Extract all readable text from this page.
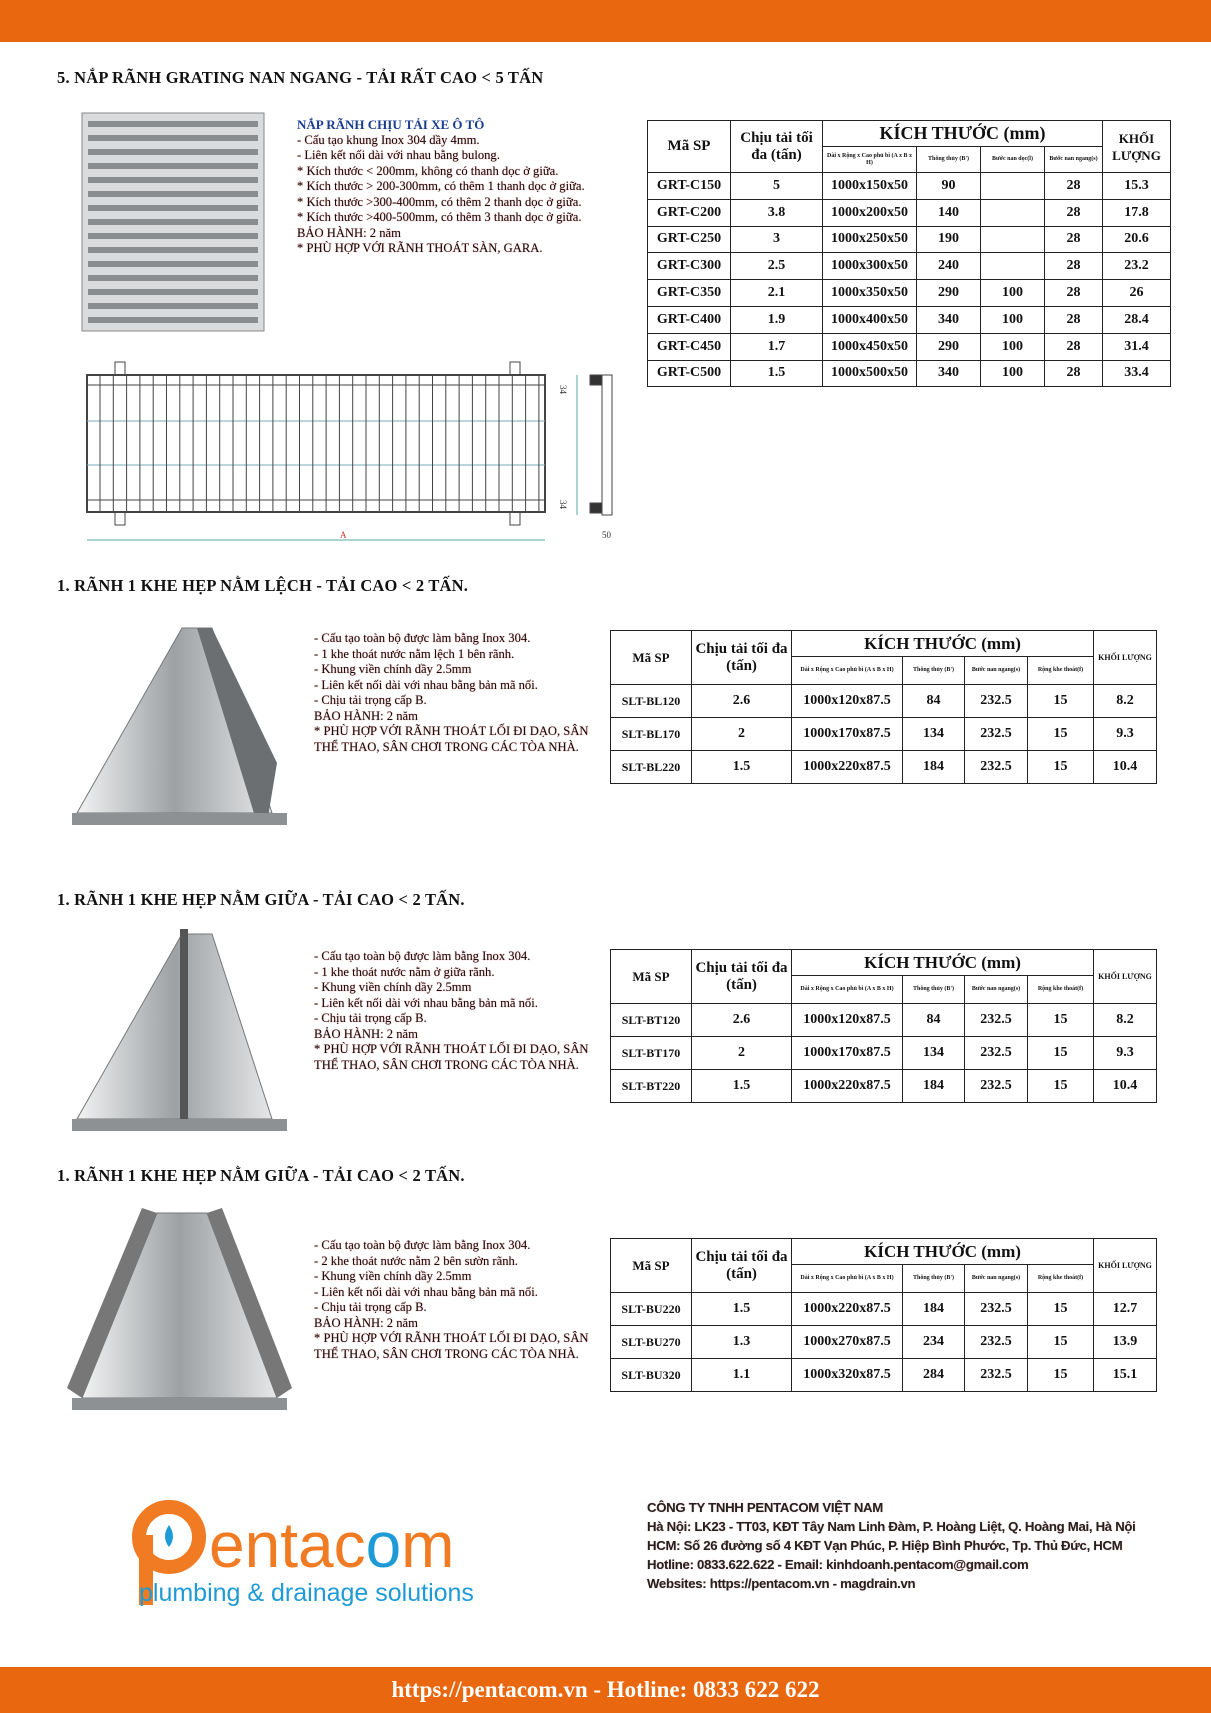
5. NẮP RÃNH GRATING NAN NGANG - TẢI RẤT CAO < 5 TẤN
NẮP RÃNH CHỊU TẢI XE Ô TÔ
- Cấu tạo khung Inox 304 dầy 4mm.
- Liên kết nối dài với nhau bằng bulong.
* Kích thước < 200mm, không có thanh dọc ở giữa.
* Kích thước > 200-300mm, có thêm 1 thanh dọc ở giữa.
* Kích thước >300-400mm, có thêm 2 thanh dọc ở giữa.
* Kích thước >400-500mm, có thêm 3 thanh dọc ở giữa.
BẢO HÀNH: 2 năm
* PHÙ HỢP VỚI RÃNH THOÁT SÀN, GARA.
Mã SP	Chịu tải tối đa (tấn)	KÍCH THƯỚC (mm)				KHỐI LƯỢNG
		Dài x Rộng x Cao phủ bì (A x B x H)	Thông thủy (B')	Bước nan dọc(l)	Bước nan ngang(s)	
GRT-C150	5	1000x150x50	90		28	15.3
GRT-C200	3.8	1000x200x50	140		28	17.8
GRT-C250	3	1000x250x50	190		28	20.6
GRT-C300	2.5	1000x300x50	240		28	23.2
GRT-C350	2.1	1000x350x50	290	100	28	26
GRT-C400	1.9	1000x400x50	340	100	28	28.4
GRT-C450	1.7	1000x450x50	290	100	28	31.4
GRT-C500	1.5	1000x500x50	340	100	28	33.4
A
34
34
50
1. RÃNH 1 KHE HẸP NẰM LỆCH - TẢI CAO < 2 TẤN.
- Cấu tạo toàn bộ được làm bằng Inox 304.
- 1 khe thoát nước nằm lệch 1 bên rãnh.
- Khung viền chính dầy 2.5mm
- Liên kết nối dài với nhau bằng bản mã nối.
- Chịu tải trọng cấp B.
BẢO HÀNH: 2 năm
* PHÙ HỢP VỚI RÃNH THOÁT LỐI ĐI DẠO, SÂN THỂ THAO, SÂN CHƠI TRONG CÁC TÒA NHÀ.
Mã SP	Chịu tải tối đa (tấn)	KÍCH THƯỚC (mm)				KHỐI LƯỢNG
		Dài x Rộng x Cao phủ bì (A x B x H)	Thông thủy (B')	Bước nan ngang(s)	Rộng khe thoát(f)	
SLT-BL120	2.6	1000x120x87.5	84	232.5	15	8.2
SLT-BL170	2	1000x170x87.5	134	232.5	15	9.3
SLT-BL220	1.5	1000x220x87.5	184	232.5	15	10.4
1. RÃNH 1 KHE HẸP NẰM GIỮA - TẢI CAO < 2 TẤN.
- Cấu tạo toàn bộ được làm bằng Inox 304.
- 1 khe thoát nước nằm ở giữa rãnh.
- Khung viền chính dầy 2.5mm
- Liên kết nối dài với nhau bằng bản mã nối.
- Chịu tải trọng cấp B.
BẢO HÀNH: 2 năm
* PHÙ HỢP VỚI RÃNH THOÁT LỐI ĐI DẠO, SÂN THỂ THAO, SÂN CHƠI TRONG CÁC TÒA NHÀ.
Mã SP	Chịu tải tối đa (tấn)	KÍCH THƯỚC (mm)				KHỐI LƯỢNG
		Dài x Rộng x Cao phủ bì (A x B x H)	Thông thủy (B')	Bước nan ngang(s)	Rộng khe thoát(f)	
SLT-BT120	2.6	1000x120x87.5	84	232.5	15	8.2
SLT-BT170	2	1000x170x87.5	134	232.5	15	9.3
SLT-BT220	1.5	1000x220x87.5	184	232.5	15	10.4
1. RÃNH 1 KHE HẸP NẰM GIỮA - TẢI CAO < 2 TẤN.
- Cấu tạo toàn bộ được làm bằng Inox 304.
- 2 khe thoát nước nằm 2 bên sườn rãnh.
- Khung viền chính dầy 2.5mm
- Liên kết nối dài với nhau bằng bản mã nối.
- Chịu tải trọng cấp B.
BẢO HÀNH: 2 năm
* PHÙ HỢP VỚI RÃNH THOÁT LỐI ĐI DẠO, SÂN THỂ THAO, SÂN CHƠI TRONG CÁC TÒA NHÀ.
Mã SP	Chịu tải tối đa (tấn)	KÍCH THƯỚC (mm)				KHỐI LƯỢNG
		Dài x Rộng x Cao phủ bì (A x B x H)	Thông thủy (B')	Bước nan ngang(s)	Rộng khe thoát(f)	
SLT-BU220	1.5	1000x220x87.5	184	232.5	15	12.7
SLT-BU270	1.3	1000x270x87.5	234	232.5	15	13.9
SLT-BU320	1.1	1000x320x87.5	284	232.5	15	15.1
entacom
plumbing & drainage solutions
CÔNG TY TNHH PENTACOM VIỆT NAM
Hà Nội: LK23 - TT03, KĐT Tây Nam Linh Đàm, P. Hoàng Liệt, Q. Hoàng Mai, Hà Nội
HCM: Số 26 đường số 4 KĐT Vạn Phúc, P. Hiệp Bình Phước, Tp. Thủ Đức, HCM
Hotline: 0833.622.622 - Email: kinhdoanh.pentacom@gmail.com
Websites: https://pentacom.vn - magdrain.vn
https://pentacom.vn - Hotline: 0833 622 622
